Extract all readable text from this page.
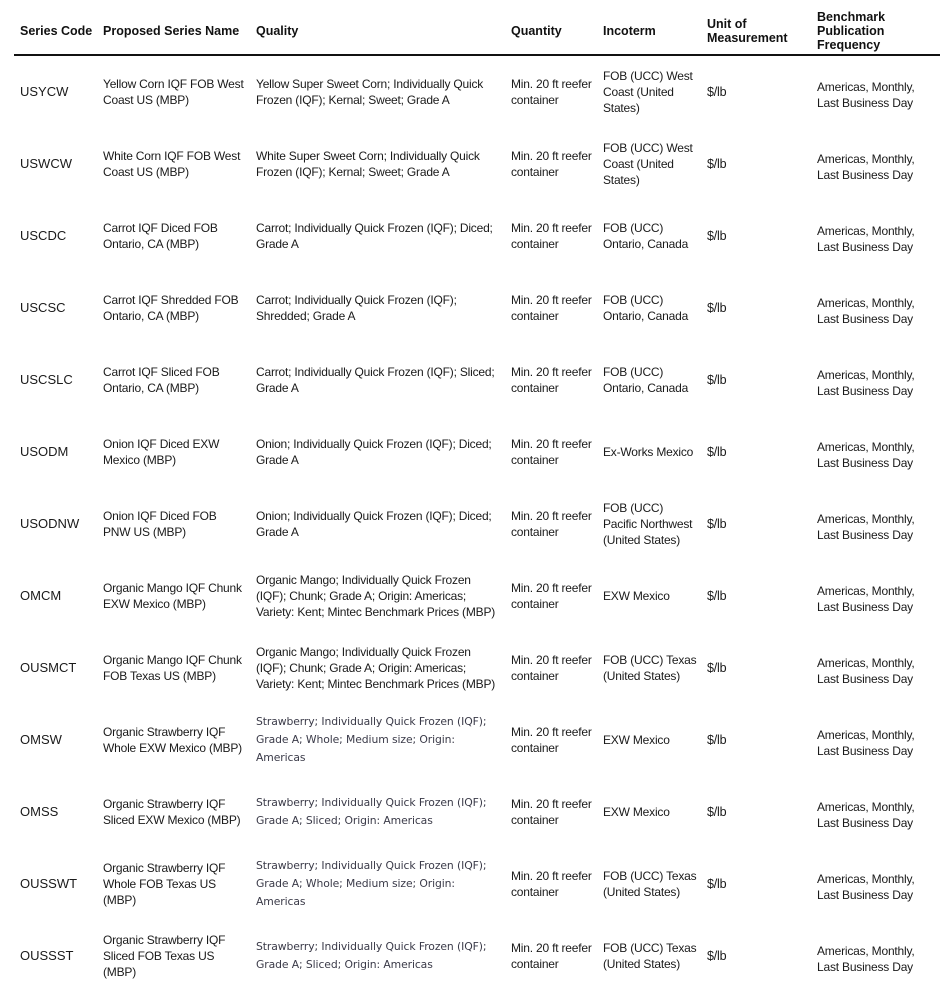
Series Code	Proposed Series Name	Quality	Quantity	Incoterm	Unit of Measurement	Benchmark Publication Frequency
USYCW	Yellow Corn IQF FOB West Coast US (MBP)	Yellow Super Sweet Corn; Individually Quick Frozen (IQF); Kernal; Sweet; Grade A	Min. 20 ft reefer container	FOB (UCC) West Coast (United States)	$/lb	Americas, Monthly, Last Business Day
USWCW	White Corn IQF FOB West Coast US (MBP)	White Super Sweet Corn; Individually Quick Frozen (IQF); Kernal; Sweet; Grade A	Min. 20 ft reefer container	FOB (UCC) West Coast (United States)	$/lb	Americas, Monthly, Last Business Day
USCDC	Carrot IQF Diced FOB Ontario, CA (MBP)	Carrot; Individually Quick Frozen (IQF); Diced; Grade A	Min. 20 ft reefer container	FOB (UCC) Ontario, Canada	$/lb	Americas, Monthly, Last Business Day
USCSC	Carrot IQF Shredded FOB Ontario, CA (MBP)	Carrot; Individually Quick Frozen (IQF); Shredded; Grade A	Min. 20 ft reefer container	FOB (UCC) Ontario, Canada	$/lb	Americas, Monthly, Last Business Day
USCSLC	Carrot IQF Sliced FOB Ontario, CA (MBP)	Carrot; Individually Quick Frozen (IQF); Sliced; Grade A	Min. 20 ft reefer container	FOB (UCC) Ontario, Canada	$/lb	Americas, Monthly, Last Business Day
USODM	Onion IQF Diced EXW Mexico (MBP)	Onion; Individually Quick Frozen (IQF); Diced; Grade A	Min. 20 ft reefer container	Ex-Works Mexico	$/lb	Americas, Monthly, Last Business Day
USODNW	Onion IQF Diced FOB PNW US (MBP)	Onion; Individually Quick Frozen (IQF); Diced; Grade A	Min. 20 ft reefer container	FOB (UCC) Pacific Northwest (United States)	$/lb	Americas, Monthly, Last Business Day
OMCM	Organic Mango IQF Chunk EXW Mexico (MBP)	Organic Mango; Individually Quick Frozen (IQF); Chunk; Grade A; Origin: Americas; Variety: Kent; Mintec Benchmark Prices (MBP)	Min. 20 ft reefer container	EXW Mexico	$/lb	Americas, Monthly, Last Business Day
OUSMCT	Organic Mango IQF Chunk FOB Texas US (MBP)	Organic Mango; Individually Quick Frozen (IQF); Chunk; Grade A; Origin: Americas; Variety: Kent; Mintec Benchmark Prices (MBP)	Min. 20 ft reefer container	FOB (UCC) Texas (United States)	$/lb	Americas, Monthly, Last Business Day
OMSW	Organic Strawberry IQF Whole EXW Mexico (MBP)	Strawberry; Individually Quick Frozen (IQF); Grade A; Whole; Medium size; Origin: Americas	Min. 20 ft reefer container	EXW Mexico	$/lb	Americas, Monthly, Last Business Day
OMSS	Organic Strawberry IQF Sliced EXW Mexico (MBP)	Strawberry; Individually Quick Frozen (IQF); Grade A; Sliced; Origin: Americas	Min. 20 ft reefer container	EXW Mexico	$/lb	Americas, Monthly, Last Business Day
OUSSWT	Organic Strawberry IQF Whole FOB Texas US (MBP)	Strawberry; Individually Quick Frozen (IQF); Grade A; Whole; Medium size; Origin: Americas	Min. 20 ft reefer container	FOB (UCC) Texas (United States)	$/lb	Americas, Monthly, Last Business Day
OUSSST	Organic Strawberry IQF Sliced FOB Texas US (MBP)	Strawberry; Individually Quick Frozen (IQF); Grade A; Sliced; Origin: Americas	Min. 20 ft reefer container	FOB (UCC) Texas (United States)	$/lb	Americas, Monthly, Last Business Day
